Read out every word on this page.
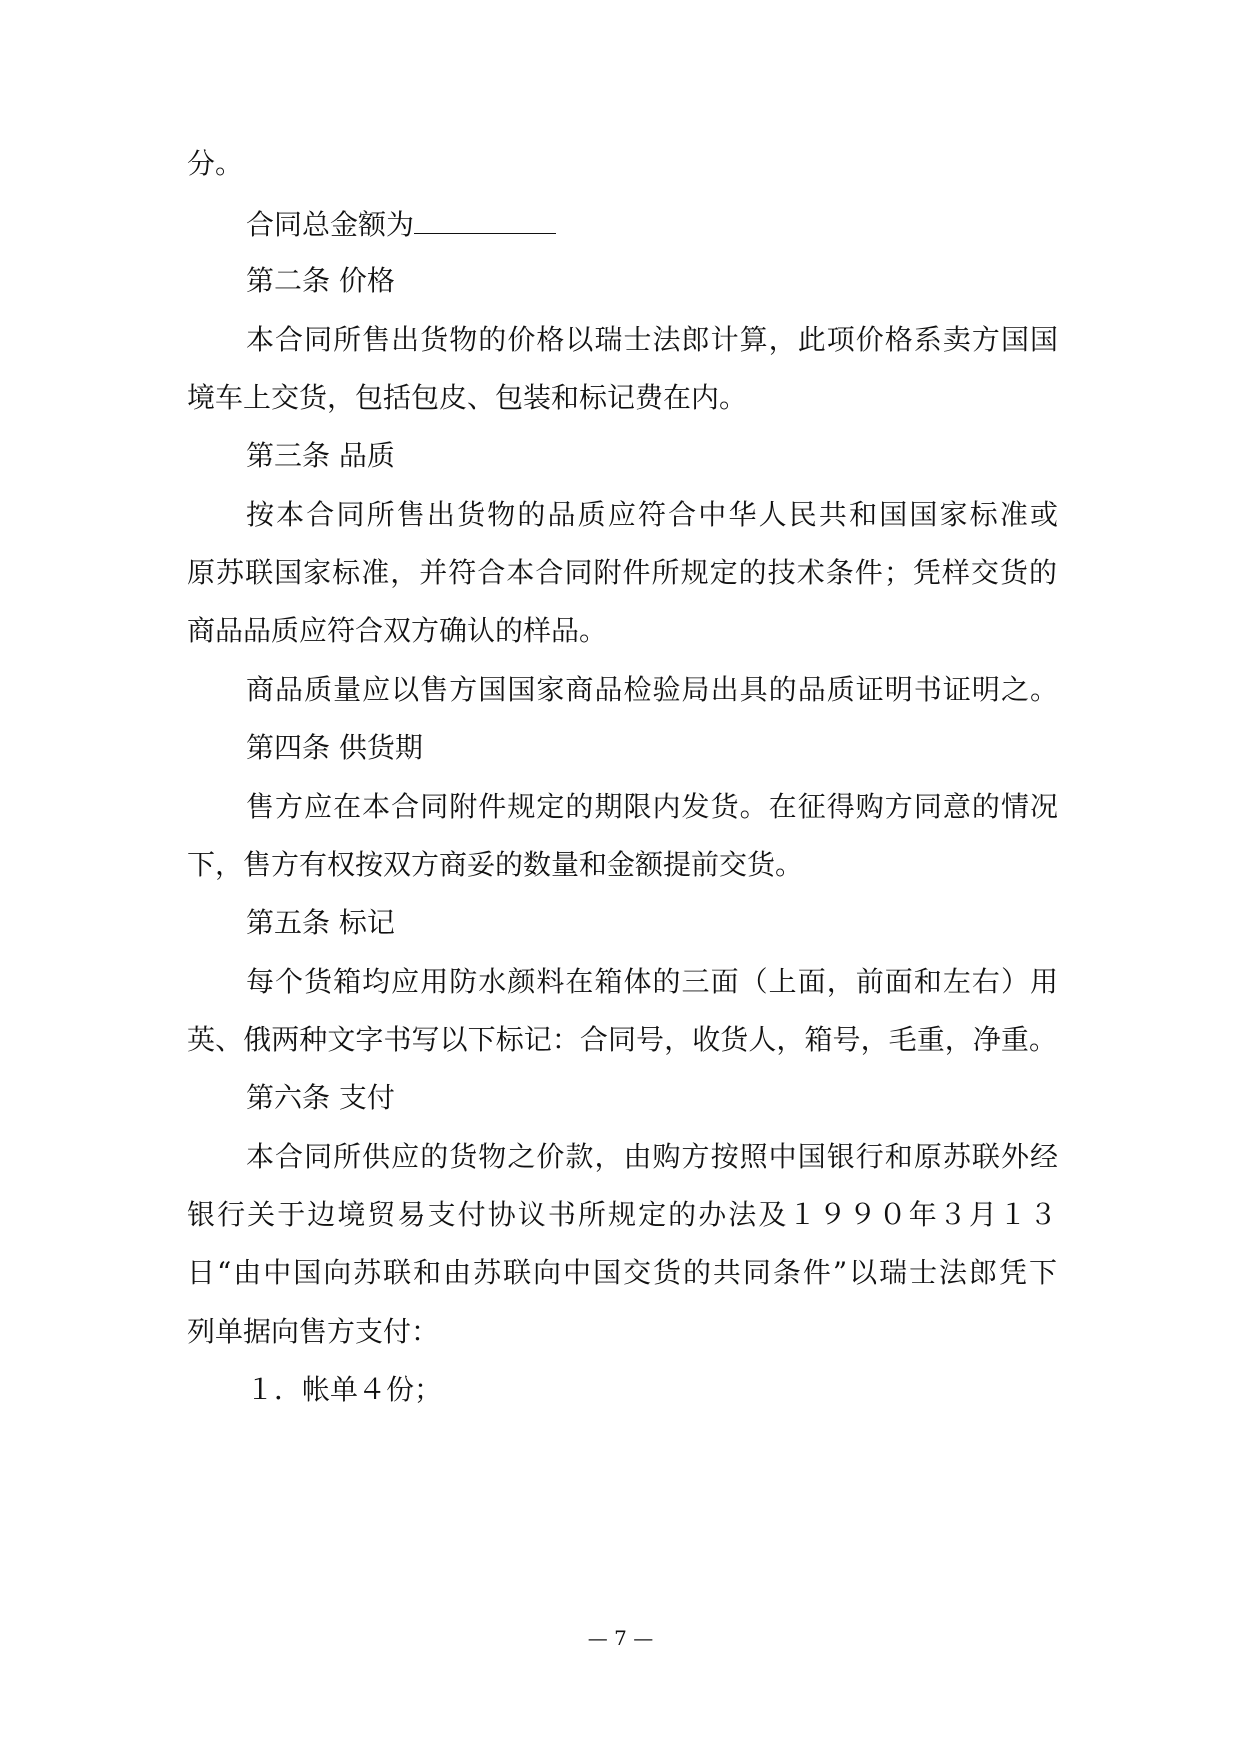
分。
合同总金额为
第二条 价格
本合同所售出货物的价格以瑞士法郎计算，此项价格系卖方国国
境车上交货，包括包皮、包装和标记费在内。
第三条 品质
按本合同所售出货物的品质应符合中华人民共和国国家标准或
原苏联国家标准，并符合本合同附件所规定的技术条件；凭样交货的
商品品质应符合双方确认的样品。
商品质量应以售方国国家商品检验局出具的品质证明书证明之。
第四条 供货期
售方应在本合同附件规定的期限内发货。在征得购方同意的情况
下，售方有权按双方商妥的数量和金额提前交货。
第五条 标记
每个货箱均应用防水颜料在箱体的三面（上面，前面和左右）用
英、俄两种文字书写以下标记：合同号，收货人，箱号，毛重，净重。
第六条 支付
本合同所供应的货物之价款，由购方按照中国银行和原苏联外经
银行关于边境贸易支付协议书所规定的办法及１９９０年３月１３
日“由中国向苏联和由苏联向中国交货的共同条件”以瑞士法郎凭下
列单据向售方支付：
１．帐单４份；
— 7 —
